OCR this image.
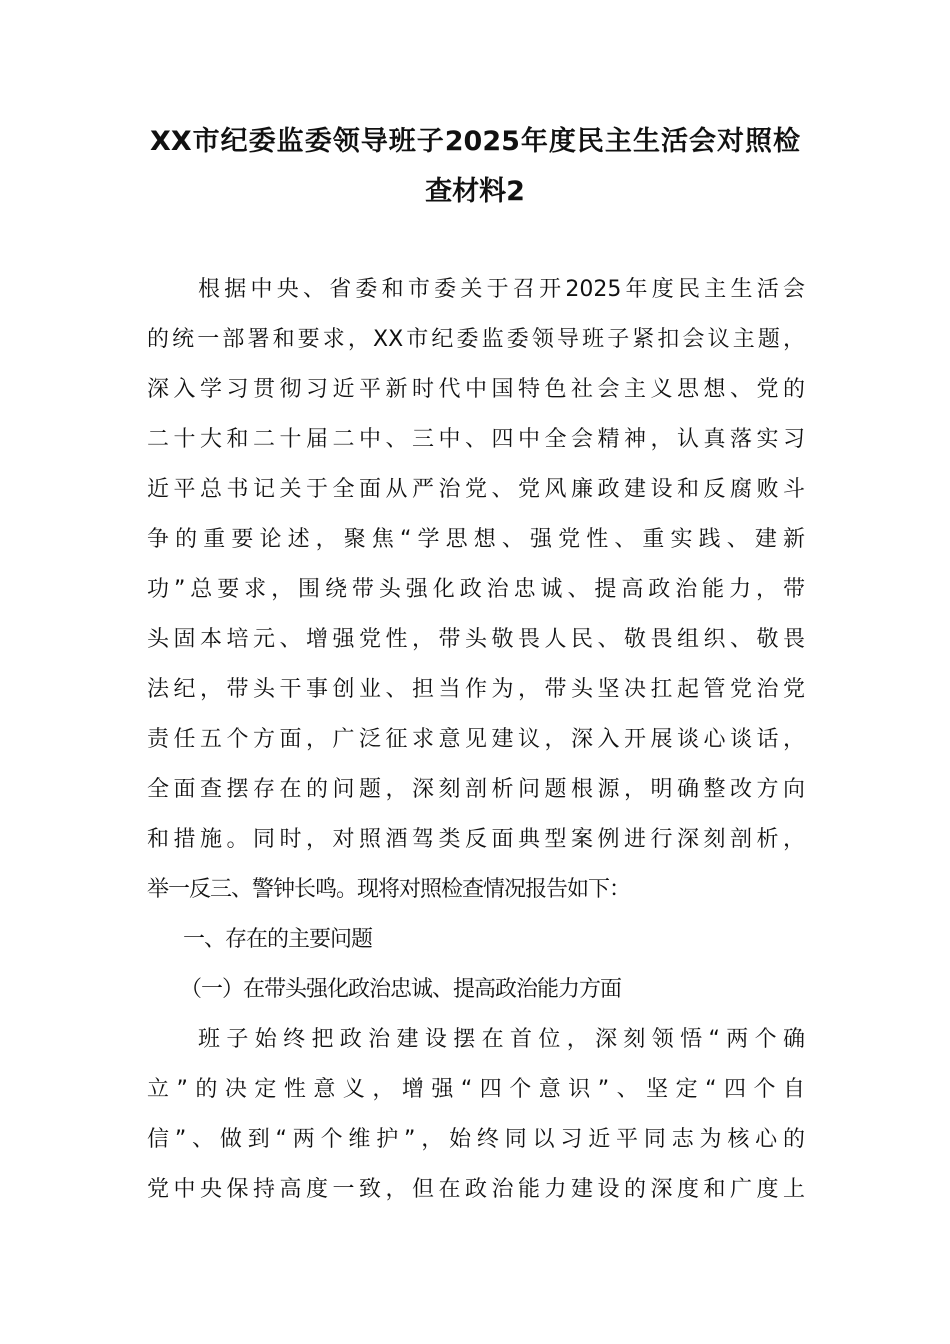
XX市纪委监委领导班子2025年度民主生活会对照检
查材料2
根据中央、省委和市委关于召开2025年度民主生活会
的统一部署和要求，XX市纪委监委领导班子紧扣会议主题，
深入学习贯彻习近平新时代中国特色社会主义思想、党的
二十大和二十届二中、三中、四中全会精神，认真落实习
近平总书记关于全面从严治党、党风廉政建设和反腐败斗
争的重要论述，聚焦“学思想、强党性、重实践、建新
功”总要求，围绕带头强化政治忠诚、提高政治能力，带
头固本培元、增强党性，带头敬畏人民、敬畏组织、敬畏
法纪，带头干事创业、担当作为，带头坚决扛起管党治党
责任五个方面，广泛征求意见建议，深入开展谈心谈话，
全面查摆存在的问题，深刻剖析问题根源，明确整改方向
和措施。同时，对照酒驾类反面典型案例进行深刻剖析，
举一反三、警钟长鸣。现将对照检查情况报告如下：
一、存在的主要问题
（一）在带头强化政治忠诚、提高政治能力方面
班子始终把政治建设摆在首位，深刻领悟“两个确
立”的决定性意义，增强“四个意识”、坚定“四个自
信”、做到“两个维护”，始终同以习近平同志为核心的
党中央保持高度一致，但在政治能力建设的深度和广度上
